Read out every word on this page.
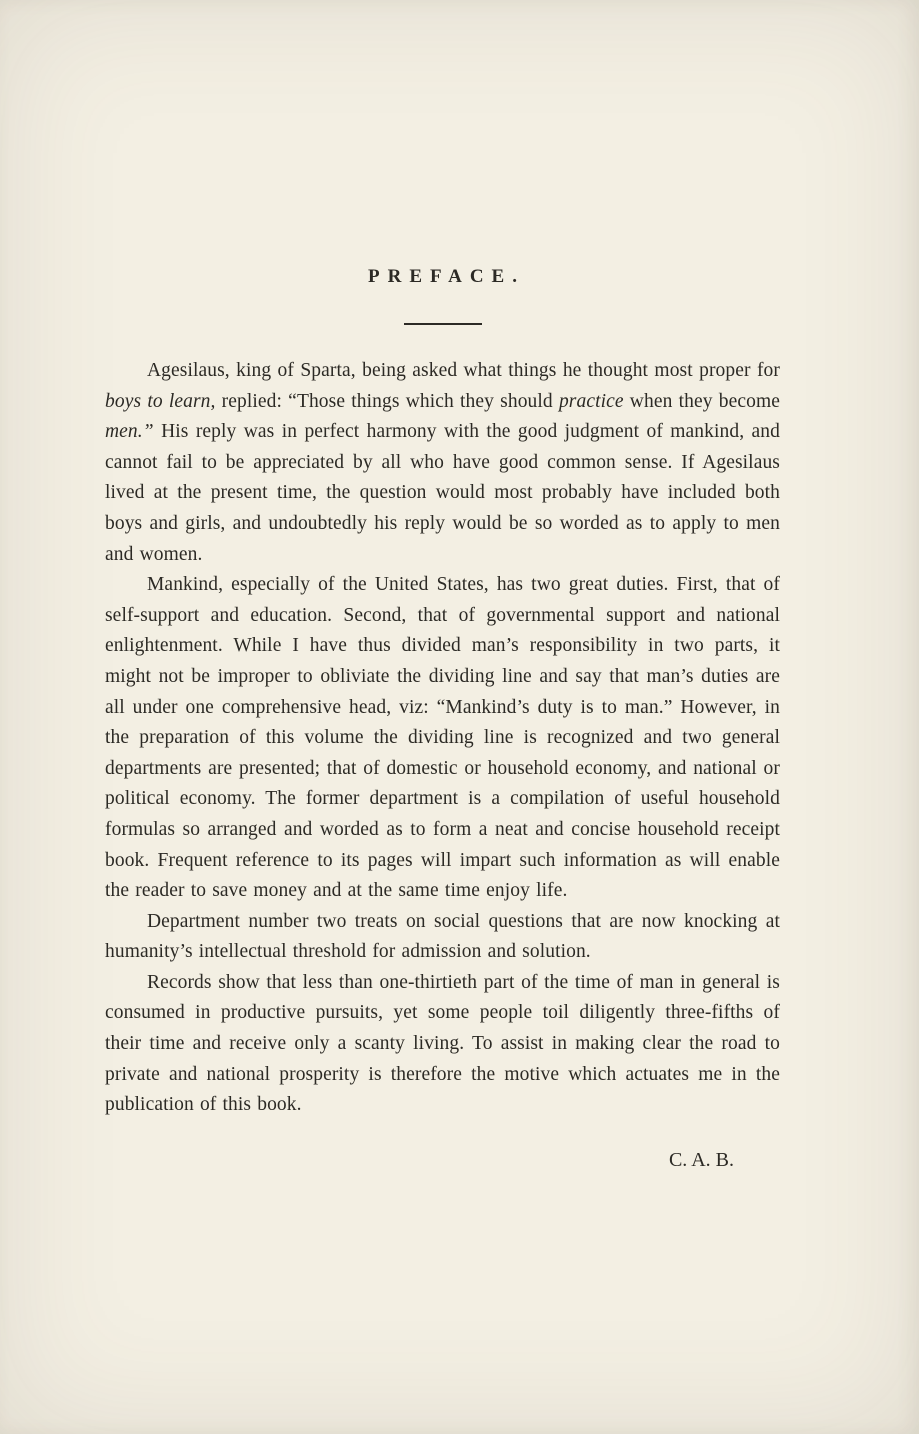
PREFACE.

Agesilaus, king of Sparta, being asked what things he thought most proper for boys to learn, replied: “Those things which they should practice when they become men.” His reply was in perfect harmony with the good judgment of mankind, and cannot fail to be appreciated by all who have good common sense. If Agesilaus lived at the present time, the question would most probably have included both boys and girls, and undoubtedly his reply would be so worded as to apply to men and women.

Mankind, especially of the United States, has two great duties. First, that of self-support and education. Second, that of governmental support and national enlightenment. While I have thus divided man’s responsibility in two parts, it might not be improper to obliviate the dividing line and say that man’s duties are all under one comprehensive head, viz: “Mankind’s duty is to man.” However, in the preparation of this volume the dividing line is recognized and two general departments are presented; that of domestic or household economy, and national or political economy. The former department is a compilation of useful household formulas so arranged and worded as to form a neat and concise household receipt book. Frequent reference to its pages will impart such information as will enable the reader to save money and at the same time enjoy life.

Department number two treats on social questions that are now knocking at humanity’s intellectual threshold for admission and solution.

Records show that less than one-thirtieth part of the time of man in general is consumed in productive pursuits, yet some people toil diligently three-fifths of their time and receive only a scanty living. To assist in making clear the road to private and national prosperity is therefore the motive which actuates me in the publication of this book.

C. A. B.
